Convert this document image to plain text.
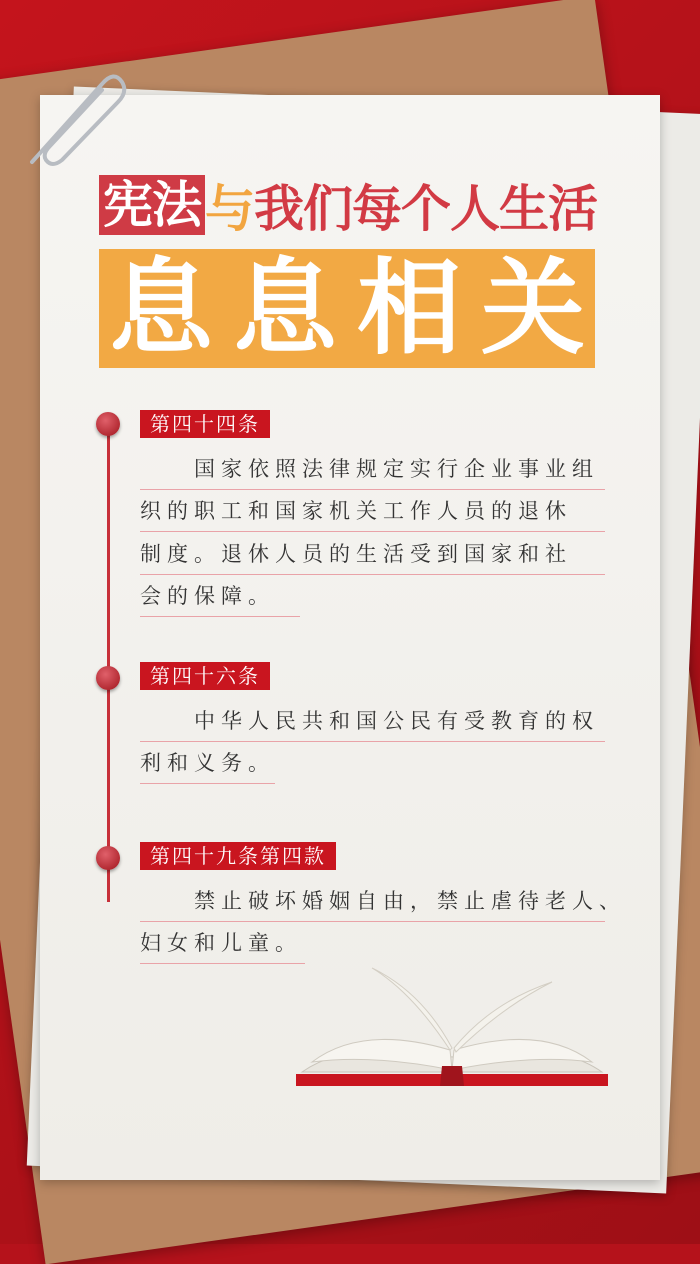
宪法 与 我们每个人生活
息 息 相 关
第四十四条
国家依照法律规定实行企业事业组
织的职工和国家机关工作人员的退休
制度。退休人员的生活受到国家和社
会的保障。
第四十六条
中华人民共和国公民有受教育的权
利和义务。
第四十九条第四款
禁止破坏婚姻自由，禁止虐待老人、
妇女和儿童。
